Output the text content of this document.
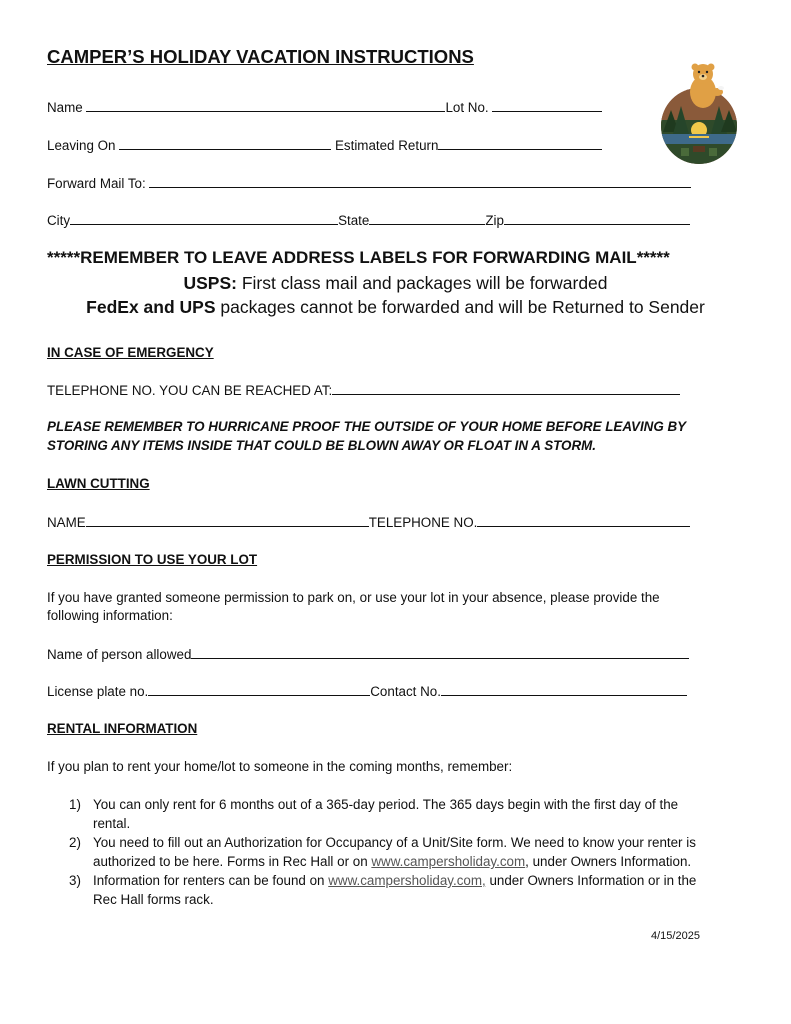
CAMPER’S HOLIDAY VACATION INSTRUCTIONS
Name	Lot No.
Leaving On	Estimated Return
Forward Mail To:
City	State	Zip
*****REMEMBER TO LEAVE ADDRESS LABELS FOR FORWARDING MAIL*****
USPS: First class mail and packages will be forwarded
FedEx and UPS packages cannot be forwarded and will be Returned to Sender
IN CASE OF EMERGENCY
TELEPHONE NO. YOU CAN BE REACHED AT:
PLEASE REMEMBER TO HURRICANE PROOF THE OUTSIDE OF YOUR HOME BEFORE LEAVING BY
STORING ANY ITEMS INSIDE THAT COULD BE BLOWN AWAY OR FLOAT IN A STORM.
LAWN CUTTING
NAME	TELEPHONE NO.
PERMISSION TO USE YOUR LOT
If you have granted someone permission to park on, or use your lot in your absence, please provide the
following information:
Name of person allowed
License plate no.	Contact No.
RENTAL INFORMATION
If you plan to rent your home/lot to someone in the coming months, remember:
1) You can only rent for 6 months out of a 365-day period. The 365 days begin with the first day of the
rental.
2) You need to fill out an Authorization for Occupancy of a Unit/Site form. We need to know your renter is
authorized to be here. Forms in Rec Hall or on www.campersholiday.com, under Owners Information.
3) Information for renters can be found on www.campersholiday.com, under Owners Information or in the
Rec Hall forms rack.
4/15/2025
